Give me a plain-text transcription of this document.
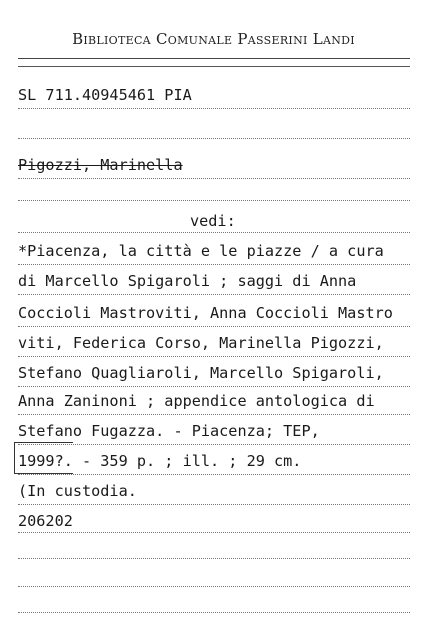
Biblioteca Comunale Passerini Landi
SL 711.40945461 PIA
Pigozzi, Marinella
vedi:
*Piacenza, la città e le piazze / a cura
di Marcello Spigaroli ; saggi di Anna
Coccioli Mastroviti, Anna Coccioli Mastro
viti, Federica Corso, Marinella Pigozzi,
Stefano Quagliaroli, Marcello Spigaroli,
Anna Zaninoni ; appendice antologica di
Stefano Fugazza. - Piacenza; TEP,
1999?. - 359 p. ; ill. ; 29 cm.
(In custodia.
206202
